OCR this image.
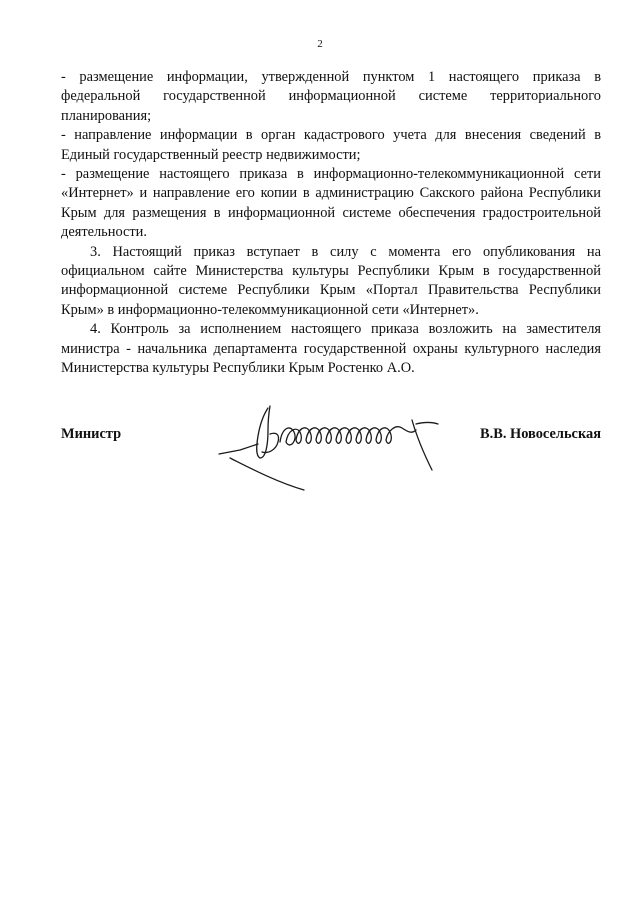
2

- размещение информации, утвержденной пунктом 1 настоящего приказа в федеральной государственной информационной системе территориального планирования;

- направление информации в орган кадастрового учета для внесения сведений в Единый государственный реестр недвижимости;

- размещение настоящего приказа в информационно-телекоммуникационной сети «Интернет» и направление его копии в администрацию Сакского района Республики Крым для размещения в информационной системе обеспечения градостроительной деятельности.

3. Настоящий приказ вступает в силу с момента его опубликования на официальном сайте Министерства культуры Республики Крым в государственной информационной системе Республики Крым «Портал Правительства Республики Крым» в информационно-телекоммуникационной сети «Интернет».

4. Контроль за исполнением настоящего приказа возложить на заместителя министра - начальника департамента государственной охраны культурного наследия Министерства культуры Республики Крым Ростенко А.О.

Министр	В.В. Новосельская
